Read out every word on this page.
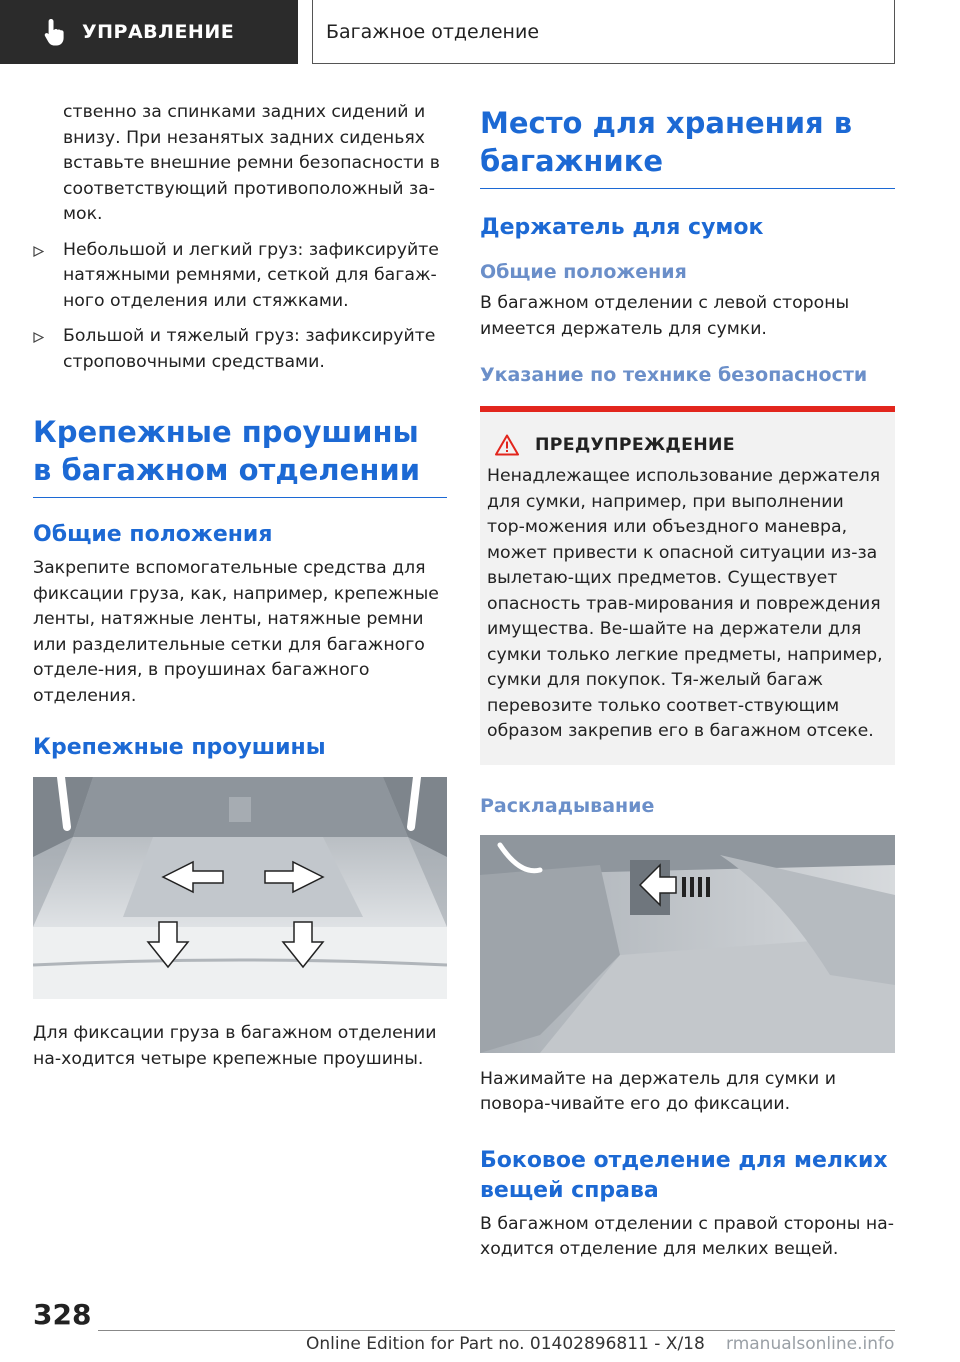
УПРАВЛЕНИЕ	Багажное отделение

ственно за спинками задних сидений и внизу. При незанятых задних сиденьях вставьте внешние ремни безопасности в соответствующий противоположный за-мок.

Небольшой и легкий груз: зафиксируйте натяжными ремнями, сеткой для багаж-ного отделения или стяжками.
Большой и тяжелый груз: зафиксируйте строповочными средствами.
Крепежные проушины в багажном отделении
Общие положения

Закрепите вспомогательные средства для фиксации груза, как, например, крепежные ленты, натяжные ленты, натяжные ремни или разделительные сетки для багажного отделе-ния, в проушинах багажного отделения.

Крепежные проушины

Для фиксации груза в багажном отделении на-ходится четыре крепежные проушины.

Место для хранения в багажнике
Держатель для сумок
Общие положения

В багажном отделении с левой стороны имеется держатель для сумки.

Указание по технике безопасности
ПРЕДУПРЕЖДЕНИЕ

Ненадлежащее использование держателя для сумки, например, при выполнении тор-можения или объездного маневра, может привести к опасной ситуации из-за вылетаю-щих предметов. Существует опасность трав-мирования и повреждения имущества. Ве-шайте на держатели для сумки только легкие предметы, например, сумки для покупок. Тя-желый багаж перевозите только соответ-ствующим образом закрепив его в багажном отсеке.

Раскладывание

Нажимайте на держатель для сумки и повора-чивайте его до фиксации.

Боковое отделение для мелких вещей справа

В багажном отделении с правой стороны на-ходится отделение для мелких вещей.

328
Online Edition for Part no. 01402896811 - X/18 rmanualsonline.info
